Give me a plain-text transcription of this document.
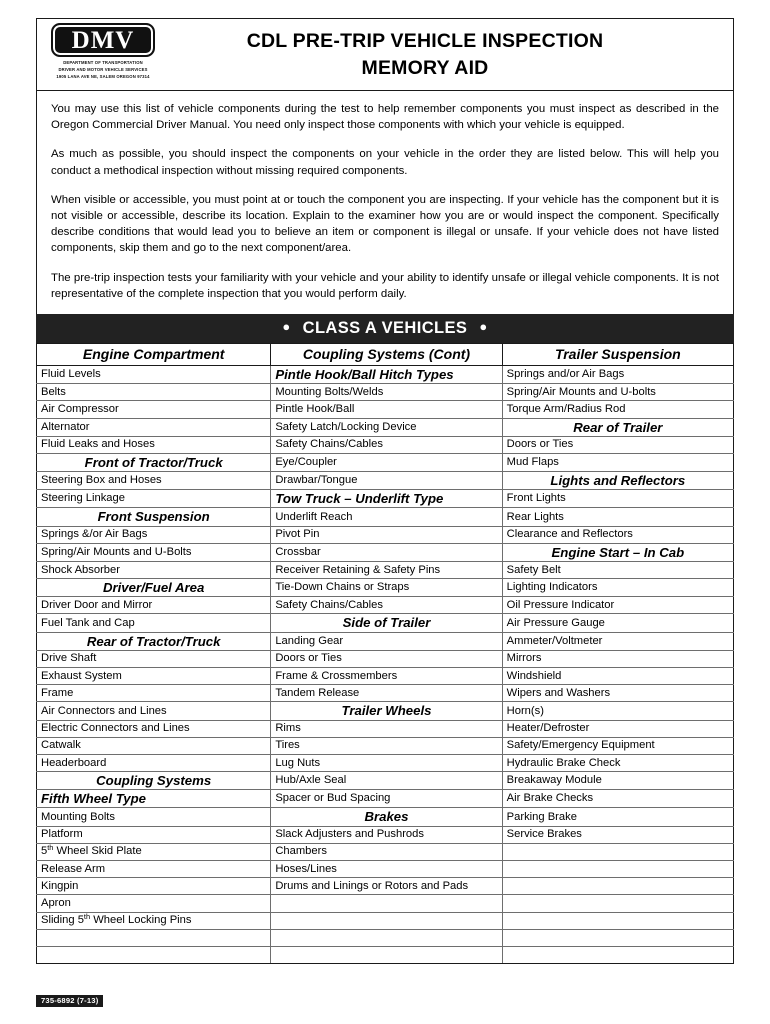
DMV
DEPARTMENT OF TRANSPORTATION
DRIVER AND MOTOR VEHICLE SERVICES
1905 LANA AVE NE, SALEM OREGON 97314
CDL PRE-TRIP VEHICLE INSPECTION
MEMORY AID

You may use this list of vehicle components during the test to help remember components you must inspect as described in the Oregon Commercial Driver Manual. You need only inspect those components with which your vehicle is equipped.

As much as possible, you should inspect the components on your vehicle in the order they are listed below. This will help you conduct a methodical inspection without missing required components.

When visible or accessible, you must point at or touch the component you are inspecting. If your vehicle has the component but it is not visible or accessible, describe its location. Explain to the examiner how you are or would inspect the component. Specifically describe conditions that would lead you to believe an item or component is illegal or unsafe. If your vehicle does not have listed components, skip them and go to the next component/area.

The pre-trip inspection tests your familiarity with your vehicle and your ability to identify unsafe or illegal vehicle components. It is not representative of the complete inspection that you would perform daily.

● CLASS A VEHICLES ●
Engine Compartment	Coupling Systems (Cont)	Trailer Suspension

Fluid Levels	Pintle Hook/Ball Hitch Types	Springs and/or Air Bags

Belts	Mounting Bolts/Welds	Spring/Air Mounts and U-bolts

Air Compressor	Pintle Hook/Ball	Torque Arm/Radius Rod

Alternator	Safety Latch/Locking Device	Rear of Trailer

Fluid Leaks and Hoses	Safety Chains/Cables	Doors or Ties

Front of Tractor/Truck	Eye/Coupler	Mud Flaps

Steering Box and Hoses	Drawbar/Tongue	Lights and Reflectors

Steering Linkage	Tow Truck – Underlift Type	Front Lights

Front Suspension	Underlift Reach	Rear Lights

Springs &/or Air Bags	Pivot Pin	Clearance and Reflectors

Spring/Air Mounts and U-Bolts	Crossbar	Engine Start – In Cab

Shock Absorber	Receiver Retaining & Safety Pins	Safety Belt

Driver/Fuel Area	Tie-Down Chains or Straps	Lighting Indicators

Driver Door and Mirror	Safety Chains/Cables	Oil Pressure Indicator

Fuel Tank and Cap	Side of Trailer	Air Pressure Gauge

Rear of Tractor/Truck	Landing Gear	Ammeter/Voltmeter

Drive Shaft	Doors or Ties	Mirrors

Exhaust System	Frame & Crossmembers	Windshield

Frame	Tandem Release	Wipers and Washers

Air Connectors and Lines	Trailer Wheels	Horn(s)

Electric Connectors and Lines	Rims	Heater/Defroster

Catwalk	Tires	Safety/Emergency Equipment

Headerboard	Lug Nuts	Hydraulic Brake Check

Coupling Systems	Hub/Axle Seal	Breakaway Module

Fifth Wheel Type	Spacer or Bud Spacing	Air Brake Checks

Mounting Bolts	Brakes	Parking Brake

Platform	Slack Adjusters and Pushrods	Service Brakes

5th Wheel Skid Plate	Chambers	

Release Arm	Hoses/Lines	

Kingpin	Drums and Linings or Rotors and Pads	

Apron		

Sliding 5th Wheel Locking Pins		

735-6892 (7-13)
